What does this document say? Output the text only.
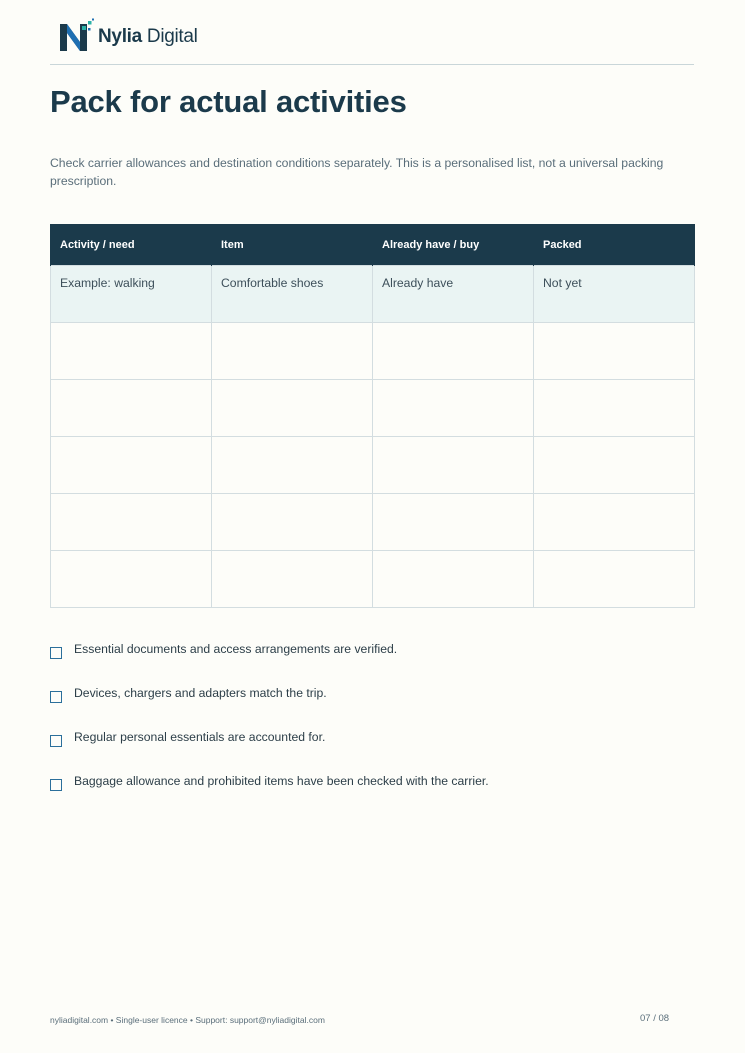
Nylia Digital
Pack for actual activities

Check carrier allowances and destination conditions separately. This is a personalised list, not a universal packing prescription.

Activity / need	Item	Already have / buy	Packed
Example: walking	Comfortable shoes	Already have	Not yet

Essential documents and access arrangements are verified.
Devices, chargers and adapters match the trip.
Regular personal essentials are accounted for.
Baggage allowance and prohibited items have been checked with the carrier.
nyliadigital.com • Single-user licence • Support: support@nyliadigital.com	07 / 08
